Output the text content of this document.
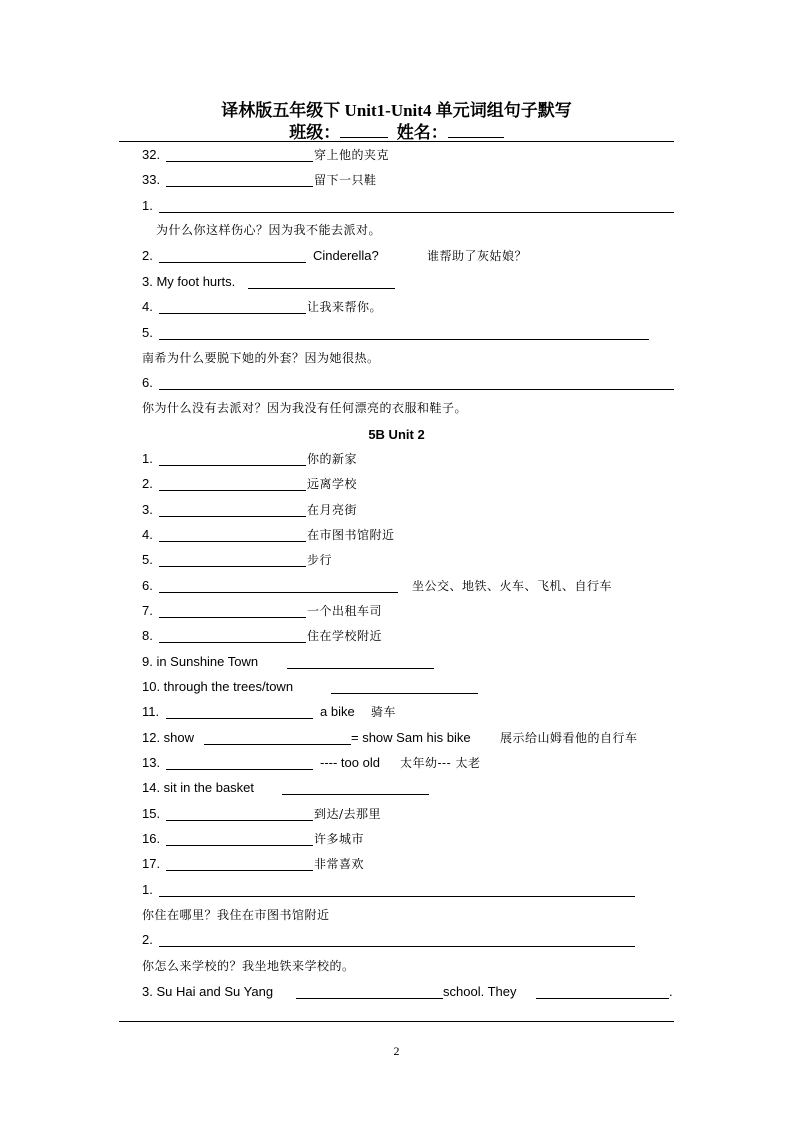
译林版五年级下 Unit1-Unit4 单元词组句子默写
班级：	姓名：
32.	穿上他的夹克
33.	留下一只鞋
1.
为什么你这样伤心？因为我不能去派对。
2.	Cinderella?	谁帮助了灰姑娘？
3. My foot hurts.
4.	让我来帮你。
5.
南希为什么要脱下她的外套？因为她很热。
6.
你为什么没有去派对？因为我没有任何漂亮的衣服和鞋子。
5B Unit 2
1.	你的新家
2.	远离学校
3.	在月亮街
4.	在市图书馆附近
5.	步行
6.	坐公交、地铁、火车、飞机、自行车
7.	一个出租车司
8.	住在学校附近
9. in Sunshine Town
10. through the trees/town
11.	a bike 骑车
12. show	= show Sam his bike 展示给山姆看他的自行车
13.	---- too old 太年幼--- 太老
14. sit in the basket
15.	到达/去那里
16.	许多城市
17.	非常喜欢
1.
你住在哪里？我住在市图书馆附近
2.
你怎么来学校的？我坐地铁来学校的。
3. Su Hai and Su Yang	school. They	.
2
